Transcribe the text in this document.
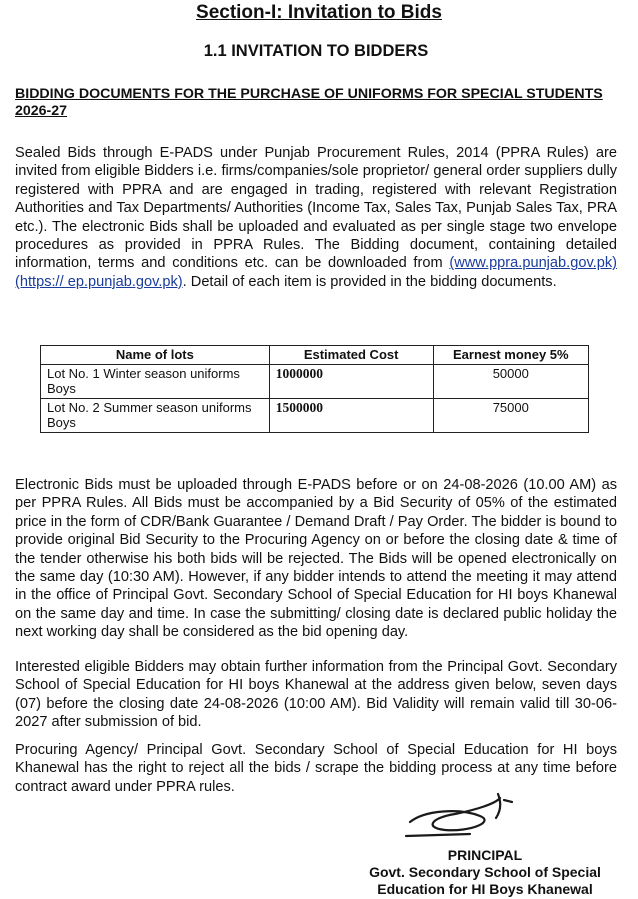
Section-I: Invitation to Bids
1.1 INVITATION TO BIDDERS
BIDDING DOCUMENTS FOR THE PURCHASE OF UNIFORMS FOR SPECIAL STUDENTS 2026-27

Sealed Bids through E-PADS under Punjab Procurement Rules, 2014 (PPRA Rules) are invited from eligible Bidders i.e. firms/companies/sole proprietor/ general order suppliers dully registered with PPRA and are engaged in trading, registered with relevant Registration Authorities and Tax Departments/ Authorities (Income Tax, Sales Tax, Punjab Sales Tax, PRA etc.). The electronic Bids shall be uploaded and evaluated as per single stage two envelope procedures as provided in PPRA Rules. The Bidding document, containing detailed information, terms and conditions etc. can be downloaded from (www.ppra.punjab.gov.pk)(https:// ep.punjab.gov.pk). Detail of each item is provided in the bidding documents.

Name of lots	Estimated Cost	Earnest money 5%
Lot No. 1 Winter season uniforms Boys	1000000	50000
Lot No. 2 Summer season uniforms Boys	1500000	75000

Electronic Bids must be uploaded through E-PADS before or on 24-08-2026 (10.00 AM) as per PPRA Rules. All Bids must be accompanied by a Bid Security of 05% of the estimated price in the form of CDR/Bank Guarantee / Demand Draft / Pay Order. The bidder is bound to provide original Bid Security to the Procuring Agency on or before the closing date & time of the tender otherwise his both bids will be rejected. The Bids will be opened electronically on the same day (10:30 AM). However, if any bidder intends to attend the meeting it may attend in the office of Principal Govt. Secondary School of Special Education for HI boys Khanewal on the same day and time. In case the submitting/ closing date is declared public holiday the next working day shall be considered as the bid opening day.

Interested eligible Bidders may obtain further information from the Principal Govt. Secondary School of Special Education for HI boys Khanewal at the address given below, seven days (07) before the closing date 24-08-2026 (10:00 AM). Bid Validity will remain valid till 30-06-2027 after submission of bid.

Procuring Agency/ Principal Govt. Secondary School of Special Education for HI boys Khanewal has the right to reject all the bids / scrape the bidding process at any time before contract award under PPRA rules.

PRINCIPAL
Govt. Secondary School of Special
Education for HI Boys Khanewal
